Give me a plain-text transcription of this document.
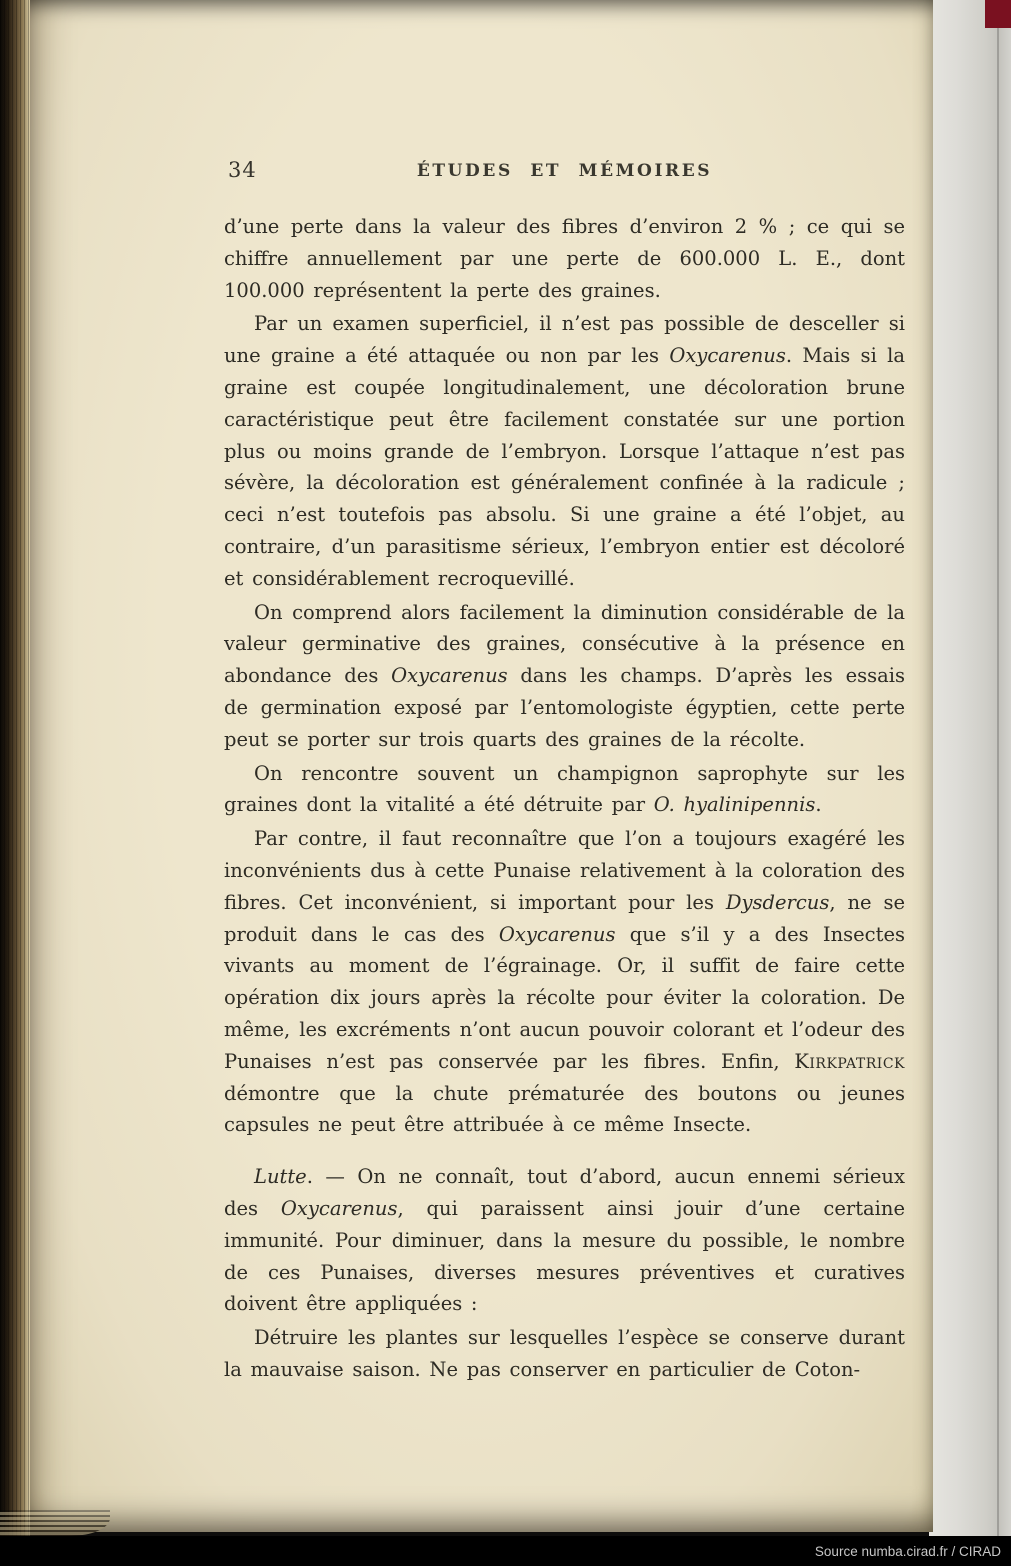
34	ÉTUDES ET MÉMOIRES

d’une perte dans la valeur des fibres d’environ 2 % ; ce qui se chiffre annuellement par une perte de 600.000 L. E., dont 100.000 représentent la perte des graines.

Par un examen superficiel, il n’est pas possible de desceller si une graine a été attaquée ou non par les Oxycarenus. Mais si la graine est coupée longitudinalement, une décoloration brune caractéristique peut être facilement constatée sur une portion plus ou moins grande de l’embryon. Lorsque l’attaque n’est pas sévère, la décoloration est généralement confinée à la radicule ; ceci n’est toutefois pas absolu. Si une graine a été l’objet, au contraire, d’un parasitisme sérieux, l’embryon entier est décoloré et considérablement recroquevillé.

On comprend alors facilement la diminution considérable de la valeur germinative des graines, consécutive à la présence en abondance des Oxycarenus dans les champs. D’après les essais de germination exposé par l’entomologiste égyptien, cette perte peut se porter sur trois quarts des graines de la récolte.

On rencontre souvent un champignon saprophyte sur les graines dont la vitalité a été détruite par O. hyalinipennis.

Par contre, il faut reconnaître que l’on a toujours exagéré les inconvénients dus à cette Punaise relativement à la coloration des fibres. Cet inconvénient, si important pour les Dysdercus, ne se produit dans le cas des Oxycarenus que s’il y a des Insectes vivants au moment de l’égrainage. Or, il suffit de faire cette opération dix jours après la récolte pour éviter la coloration. De même, les excréments n’ont aucun pouvoir colorant et l’odeur des Punaises n’est pas conservée par les fibres. Enfin, Kirkpatrick démontre que la chute prématurée des boutons ou jeunes capsules ne peut être attribuée à ce même Insecte.

Lutte. — On ne connaît, tout d’abord, aucun ennemi sérieux des Oxycarenus, qui paraissent ainsi jouir d’une certaine immunité. Pour diminuer, dans la mesure du possible, le nombre de ces Punaises, diverses mesures préventives et curatives doivent être appliquées :

Détruire les plantes sur lesquelles l’espèce se conserve durant la mauvaise saison. Ne pas conserver en particulier de Coton-

Source numba.cirad.fr / CIRAD
